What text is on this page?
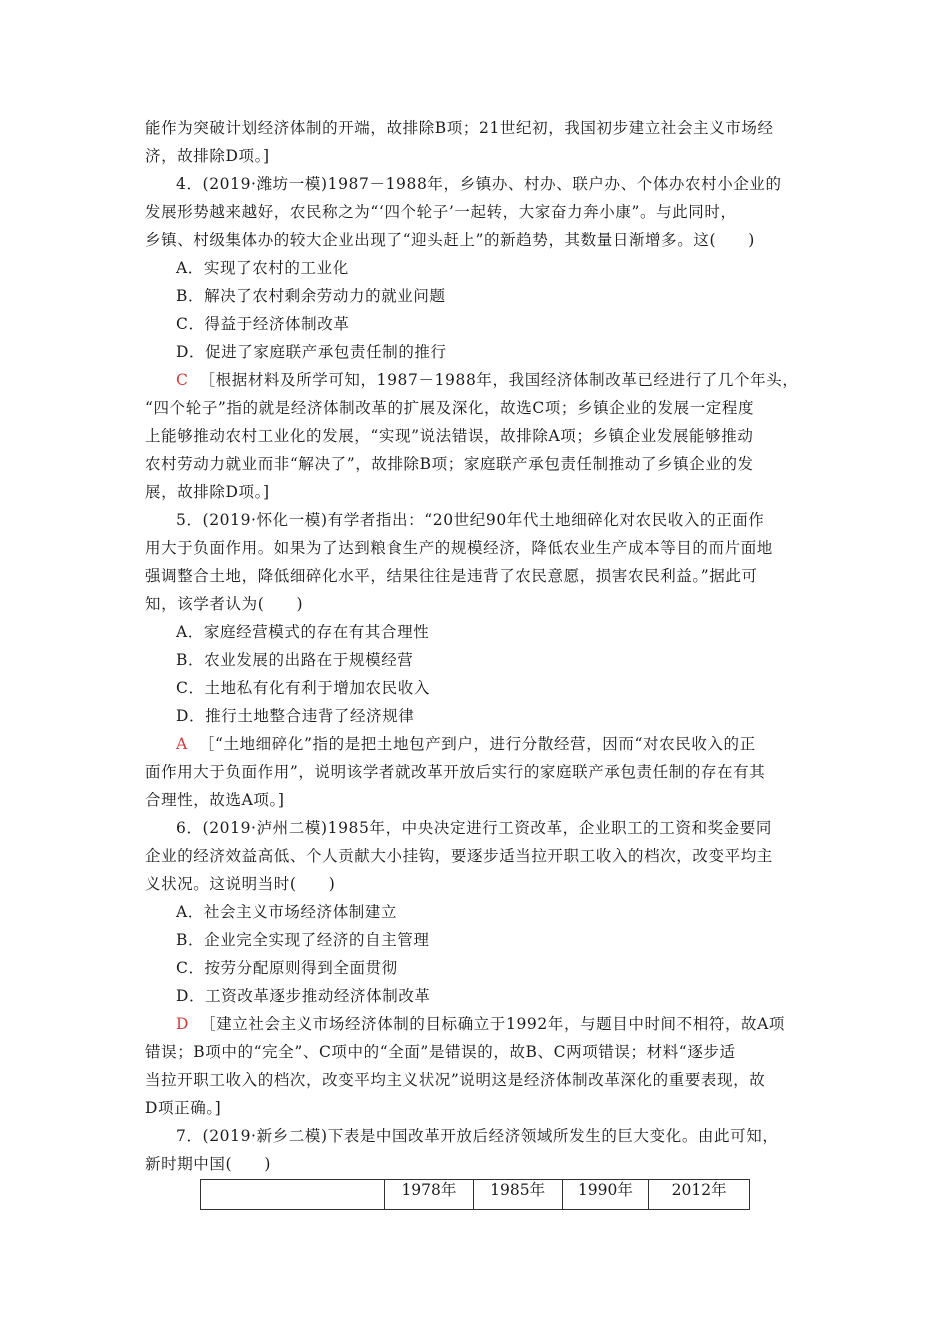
能作为突破计划经济体制的开端，故排除B项；21世纪初，我国初步建立社会主义市场经
济，故排除D项。]
4．(2019·潍坊一模)1987－1988年，乡镇办、村办、联户办、个体办农村小企业的
发展形势越来越好，农民称之为“‘四个轮子’一起转，大家奋力奔小康”。与此同时，
乡镇、村级集体办的较大企业出现了“迎头赶上”的新趋势，其数量日渐增多。这(　　)
A．实现了农村的工业化
B．解决了农村剩余劳动力的就业问题
C．得益于经济体制改革
D．促进了家庭联产承包责任制的推行
C ［根据材料及所学可知，1987－1988年，我国经济体制改革已经进行了几个年头，
“四个轮子”指的就是经济体制改革的扩展及深化，故选C项；乡镇企业的发展一定程度
上能够推动农村工业化的发展，“实现”说法错误，故排除A项；乡镇企业发展能够推动
农村劳动力就业而非“解决了”，故排除B项；家庭联产承包责任制推动了乡镇企业的发
展，故排除D项。]
5．(2019·怀化一模)有学者指出：“20世纪90年代土地细碎化对农民收入的正面作
用大于负面作用。如果为了达到粮食生产的规模经济，降低农业生产成本等目的而片面地
强调整合土地，降低细碎化水平，结果往往是违背了农民意愿，损害农民利益。”据此可
知，该学者认为(　　)
A．家庭经营模式的存在有其合理性
B．农业发展的出路在于规模经营
C．土地私有化有利于增加农民收入
D．推行土地整合违背了经济规律
A ［“土地细碎化”指的是把土地包产到户，进行分散经营，因而“对农民收入的正
面作用大于负面作用”，说明该学者就改革开放后实行的家庭联产承包责任制的存在有其
合理性，故选A项。]
6．(2019·泸州二模)1985年，中央决定进行工资改革，企业职工的工资和奖金要同
企业的经济效益高低、个人贡献大小挂钩，要逐步适当拉开职工收入的档次，改变平均主
义状况。这说明当时(　　)
A．社会主义市场经济体制建立
B．企业完全实现了经济的自主管理
C．按劳分配原则得到全面贯彻
D．工资改革逐步推动经济体制改革
D ［建立社会主义市场经济体制的目标确立于1992年，与题目中时间不相符，故A项
错误；B项中的“完全”、C项中的“全面”是错误的，故B、C两项错误；材料“逐步适
当拉开职工收入的档次，改变平均主义状况”说明这是经济体制改革深化的重要表现，故
D项正确。]
7．(2019·新乡二模)下表是中国改革开放后经济领域所发生的巨大变化。由此可知，
新时期中国(　　)
	1978年	1985年	1990年	2012年
